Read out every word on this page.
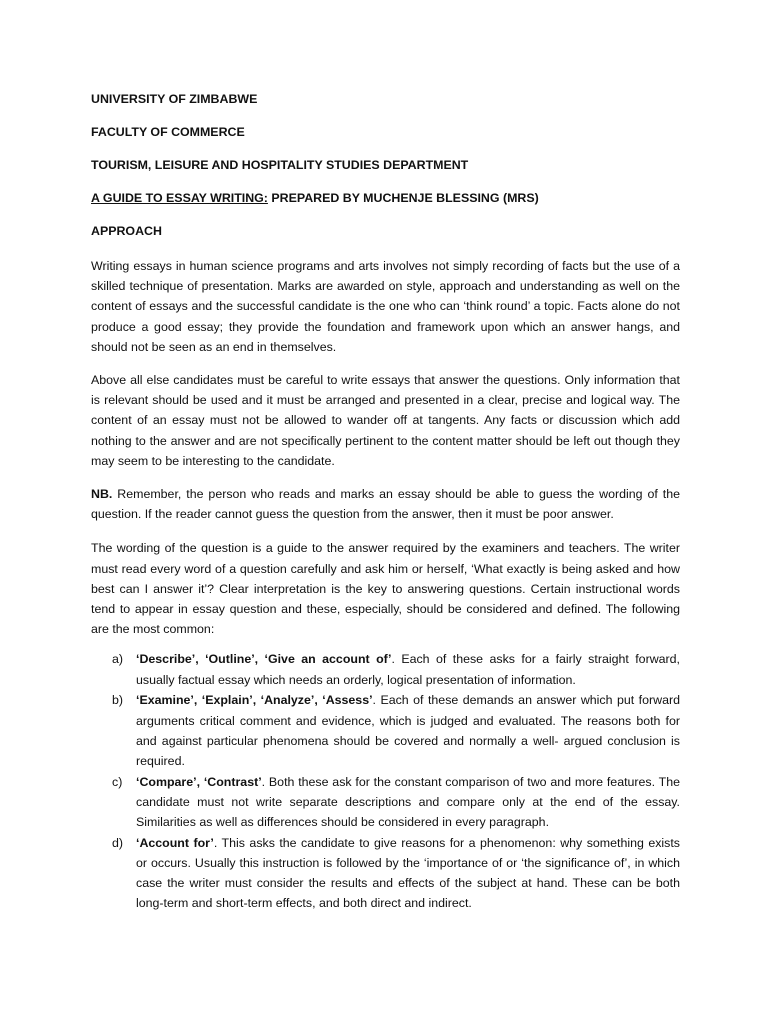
UNIVERSITY OF ZIMBABWE
FACULTY OF COMMERCE
TOURISM, LEISURE AND HOSPITALITY STUDIES DEPARTMENT
A GUIDE TO ESSAY WRITING: PREPARED BY MUCHENJE BLESSING (MRS)
APPROACH

Writing essays in human science programs and arts involves not simply recording of facts but the use of a skilled technique of presentation. Marks are awarded on style, approach and understanding as well on the content of essays and the successful candidate is the one who can ‘think round’ a topic. Facts alone do not produce a good essay; they provide the foundation and framework upon which an answer hangs, and should not be seen as an end in themselves.

Above all else candidates must be careful to write essays that answer the questions. Only information that is relevant should be used and it must be arranged and presented in a clear, precise and logical way. The content of an essay must not be allowed to wander off at tangents. Any facts or discussion which add nothing to the answer and are not specifically pertinent to the content matter should be left out though they may seem to be interesting to the candidate.

NB. Remember, the person who reads and marks an essay should be able to guess the wording of the question. If the reader cannot guess the question from the answer, then it must be poor answer.

The wording of the question is a guide to the answer required by the examiners and teachers. The writer must read every word of a question carefully and ask him or herself, ‘What exactly is being asked and how best can I answer it’? Clear interpretation is the key to answering questions. Certain instructional words tend to appear in essay question and these, especially, should be considered and defined. The following are the most common:

a) ‘Describe’, ‘Outline’, ‘Give an account of’. Each of these asks for a fairly straight forward, usually factual essay which needs an orderly, logical presentation of information.
b) ‘Examine’, ‘Explain’, ‘Analyze’, ‘Assess’. Each of these demands an answer which put forward arguments critical comment and evidence, which is judged and evaluated. The reasons both for and against particular phenomena should be covered and normally a well- argued conclusion is required.
c) ‘Compare’, ‘Contrast’. Both these ask for the constant comparison of two and more features. The candidate must not write separate descriptions and compare only at the end of the essay. Similarities as well as differences should be considered in every paragraph.
d) ‘Account for’. This asks the candidate to give reasons for a phenomenon: why something exists or occurs. Usually this instruction is followed by the ‘importance of or ‘the significance of’, in which case the writer must consider the results and effects of the subject at hand. These can be both long-term and short-term effects, and both direct and indirect.
